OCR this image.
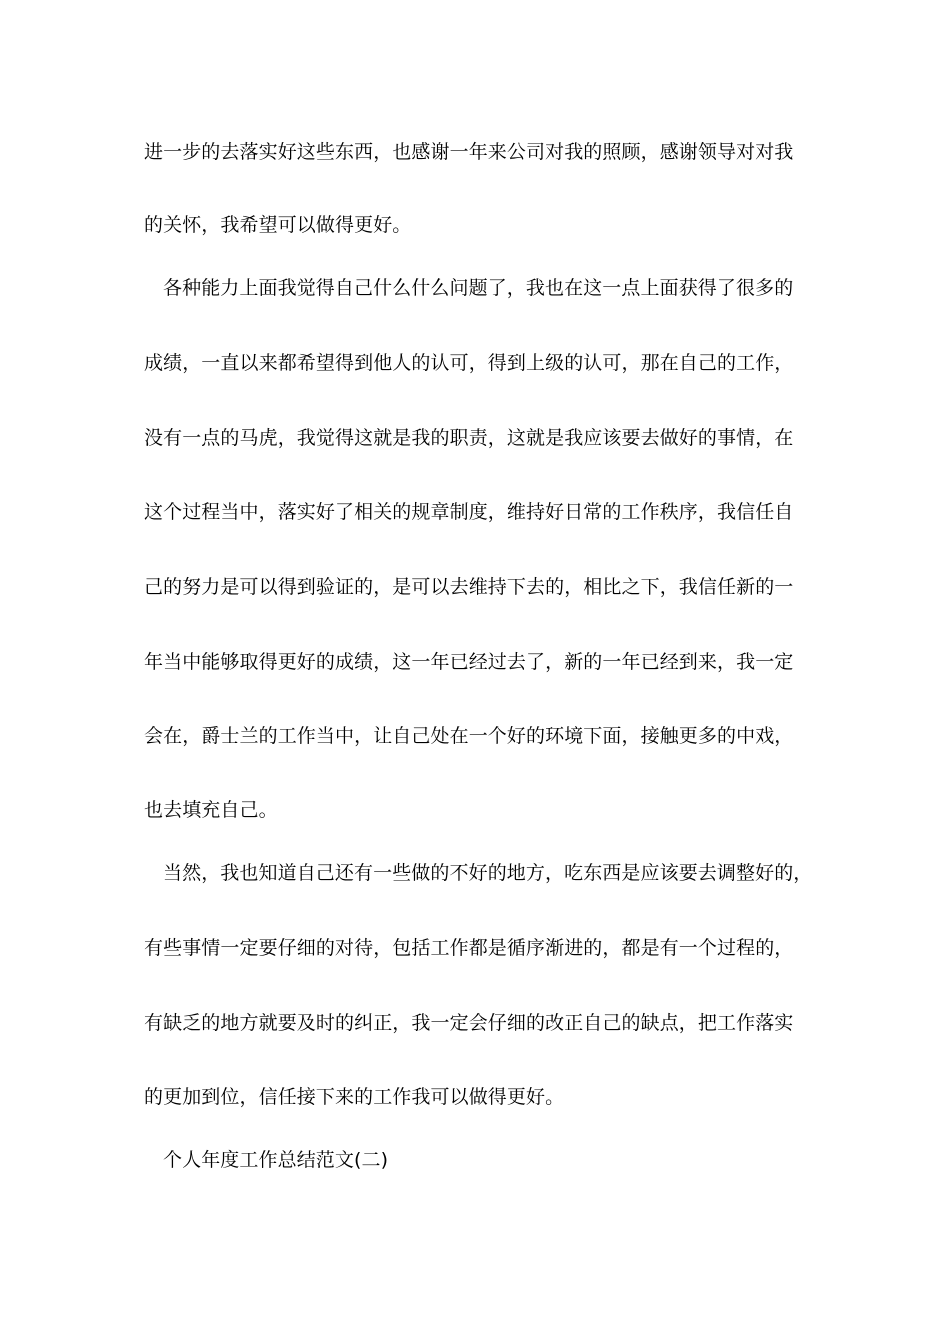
进一步的去落实好这些东西，也感谢一年来公司对我的照顾，感谢领导对对我
的关怀，我希望可以做得更好。
各种能力上面我觉得自己什么什么问题了，我也在这一点上面获得了很多的
成绩，一直以来都希望得到他人的认可，得到上级的认可，那在自己的工作，
没有一点的马虎，我觉得这就是我的职责，这就是我应该要去做好的事情，在
这个过程当中，落实好了相关的规章制度，维持好日常的工作秩序，我信任自
己的努力是可以得到验证的，是可以去维持下去的，相比之下，我信任新的一
年当中能够取得更好的成绩，这一年已经过去了，新的一年已经到来，我一定
会在，爵士兰的工作当中，让自己处在一个好的环境下面，接触更多的中戏，
也去填充自己。
当然，我也知道自己还有一些做的不好的地方，吃东西是应该要去调整好的，
有些事情一定要仔细的对待，包括工作都是循序渐进的，都是有一个过程的，
有缺乏的地方就要及时的纠正，我一定会仔细的改正自己的缺点，把工作落实
的更加到位，信任接下来的工作我可以做得更好。
个人年度工作总结范文(二)
